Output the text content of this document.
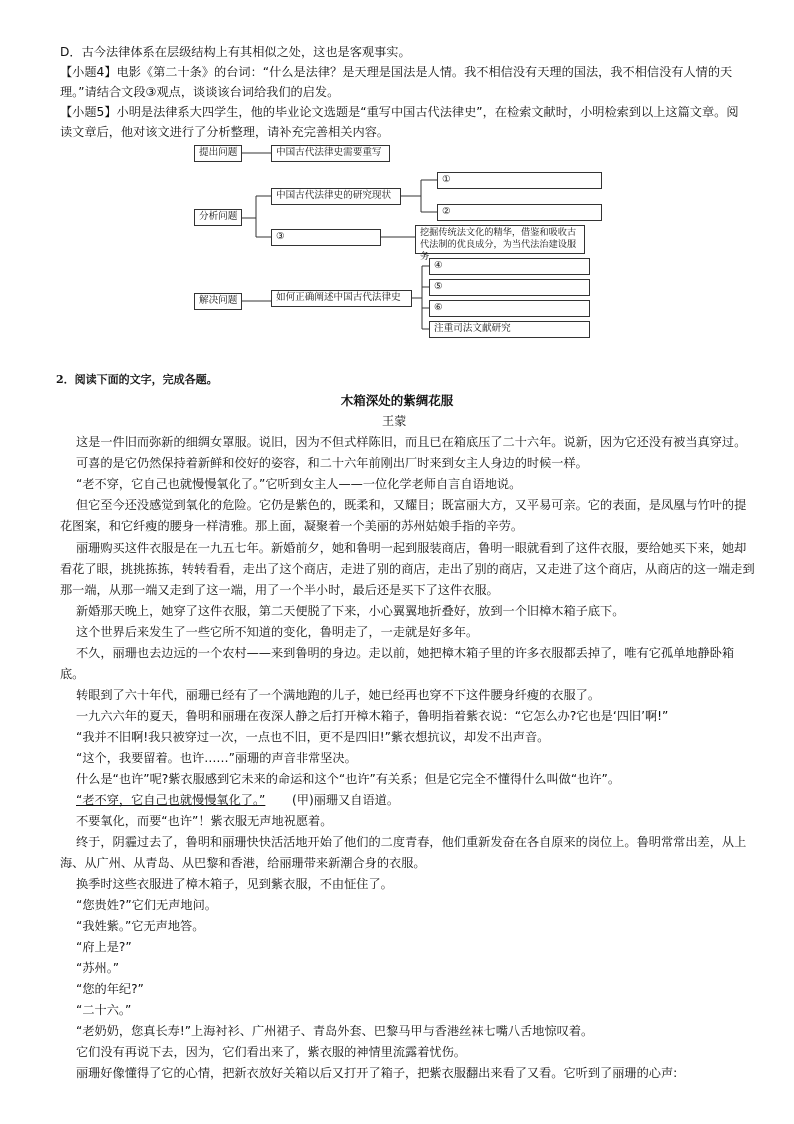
D．古今法律体系在层级结构上有其相似之处，这也是客观事实。
【小题4】电影《第二十条》的台词：“什么是法律？是天理是国法是人情。我不相信没有天理的国法，我不相信没有人情的天
理。”请结合文段③观点，谈谈该台词给我们的启发。
【小题5】小明是法律系大四学生，他的毕业论文选题是“重写中国古代法律史”，在检索文献时，小明检索到以上这篇文章。阅
读文章后，他对该文进行了分析整理，请补充完善相关内容。
提出问题	中国古代法律史需要重写
分析问题
中国古代法律史的研究现状
①
②
③	挖掘传统法文化的精华，借鉴和吸收古代法制的优良成分，为当代法治建设服务
解决问题	如何正确阐述中国古代法律史
④
⑤
⑥
注重司法文献研究
2．阅读下面的文字，完成各题。
木箱深处的紫绸花服
王蒙
这是一件旧而弥新的细绸女罩服。说旧，因为不但式样陈旧，而且已在箱底压了二十六年。说新，因为它还没有被当真穿过。
可喜的是它仍然保持着新鲜和佼好的姿容，和二十六年前刚出厂时来到女主人身边的时候一样。
“老不穿，它自己也就慢慢氧化了。”它听到女主人——一位化学老师自言自语地说。
但它至今还没感觉到氧化的危险。它仍是紫色的，既柔和，又耀目；既富丽大方，又平易可亲。它的表面，是凤凰与竹叶的提
花图案，和它纤瘦的腰身一样清雅。那上面，凝聚着一个美丽的苏州姑娘手指的辛劳。
丽珊购买这件衣服是在一九五七年。新婚前夕，她和鲁明一起到服装商店，鲁明一眼就看到了这件衣服，要给她买下来，她却
看花了眼，挑挑拣拣，转转看看，走出了这个商店，走进了别的商店，走出了别的商店，又走进了这个商店，从商店的这一端走到
那一端，从那一端又走到了这一端，用了一个半小时，最后还是买下了这件衣服。
新婚那天晚上，她穿了这件衣服，第二天便脱了下来，小心翼翼地折叠好，放到一个旧樟木箱子底下。
这个世界后来发生了一些它所不知道的变化，鲁明走了，一走就是好多年。
不久，丽珊也去边远的一个农村——来到鲁明的身边。走以前，她把樟木箱子里的许多衣服都丢掉了，唯有它孤单地静卧箱
底。
转眼到了六十年代，丽珊已经有了一个满地跑的儿子，她已经再也穿不下这件腰身纤瘦的衣服了。
一九六六年的夏天，鲁明和丽珊在夜深人静之后打开樟木箱子，鲁明指着紫衣说：“它怎么办?它也是‘四旧’啊!”
“我并不旧啊!我只被穿过一次，一点也不旧，更不是四旧!”紫衣想抗议，却发不出声音。
“这个，我要留着。也许……”丽珊的声音非常坚决。
什么是“也许”呢?紫衣服感到它未来的命运和这个“也许”有关系；但是它完全不懂得什么叫做“也许”。
“老不穿，它自己也就慢慢氧化了。” (甲)丽珊又自语道。
不要氧化，而要“也许”！紫衣服无声地祝愿着。
终于，阴霾过去了，鲁明和丽珊快快活活地开始了他们的二度青春，他们重新发奋在各自原来的岗位上。鲁明常常出差，从上
海、从广州、从青岛、从巴黎和香港，给丽珊带来新潮合身的衣服。
换季时这些衣服进了樟木箱子，见到紫衣服，不由怔住了。
“您贵姓?”它们无声地问。
“我姓紫。”它无声地答。
“府上是?”
“苏州。”
“您的年纪?”
“二十六。”
“老奶奶，您真长寿!”上海衬衫、广州裙子、青岛外套、巴黎马甲与香港丝袜七嘴八舌地惊叹着。
它们没有再说下去，因为，它们看出来了，紫衣服的神情里流露着忧伤。
丽珊好像懂得了它的心情，把新衣放好关箱以后又打开了箱子，把紫衣服翻出来看了又看。它听到了丽珊的心声:
